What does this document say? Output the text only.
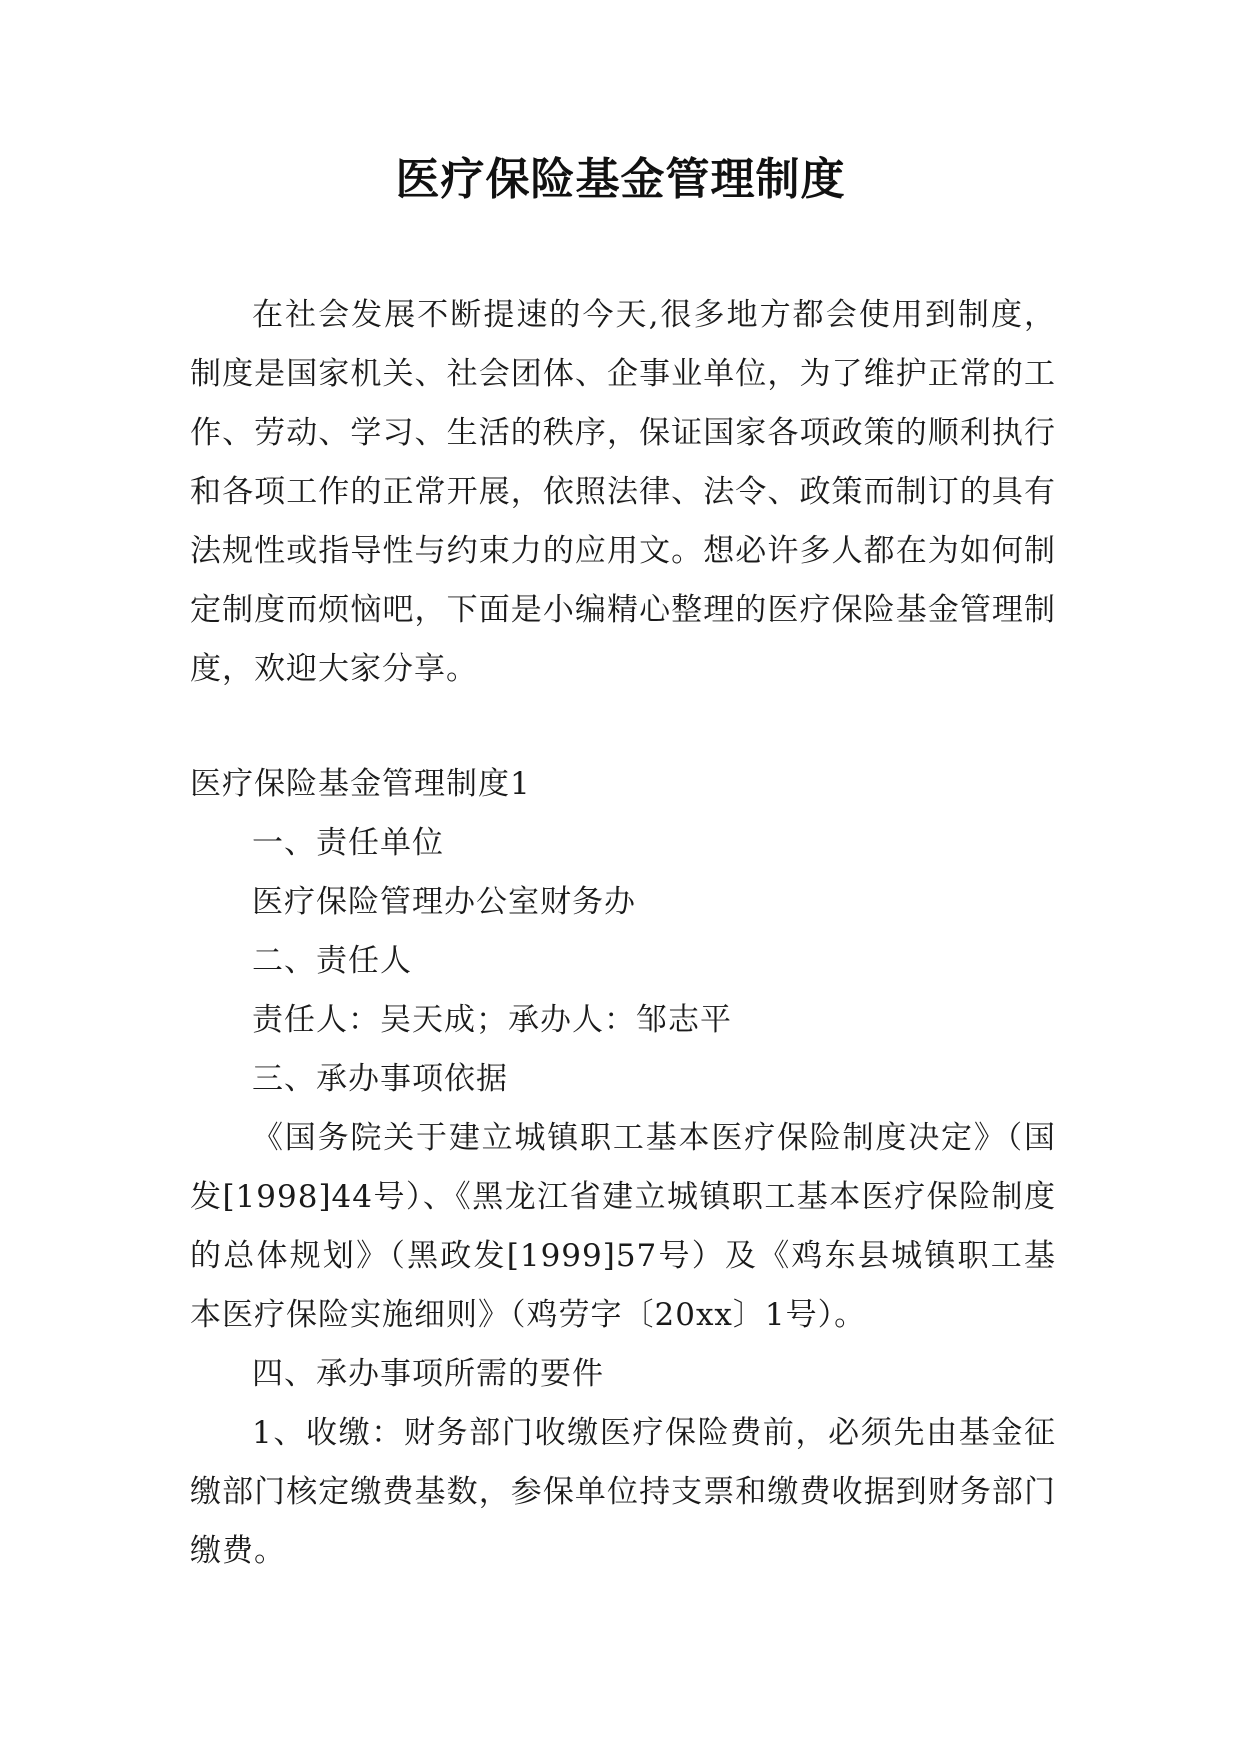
医疗保险基金管理制度

在社会发展不断提速的今天,很多地方都会使用到制度，制度是国家机关、社会团体、企事业单位，为了维护正常的工作、劳动、学习、生活的秩序，保证国家各项政策的顺利执行和各项工作的正常开展，依照法律、法令、政策而制订的具有法规性或指导性与约束力的应用文。想必许多人都在为如何制定制度而烦恼吧，下面是小编精心整理的医疗保险基金管理制度，欢迎大家分享。

医疗保险基金管理制度1

一、责任单位

医疗保险管理办公室财务办

二、责任人

责任人：吴天成；承办人：邹志平

三、承办事项依据

《国务院关于建立城镇职工基本医疗保险制度决定》（国发[1998]44号）、《黑龙江省建立城镇职工基本医疗保险制度的总体规划》（黑政发[1999]57号）及《鸡东县城镇职工基本医疗保险实施细则》（鸡劳字〔20xx〕1号）。

四、承办事项所需的要件

1、收缴：财务部门收缴医疗保险费前，必须先由基金征缴部门核定缴费基数，参保单位持支票和缴费收据到财务部门缴费。
